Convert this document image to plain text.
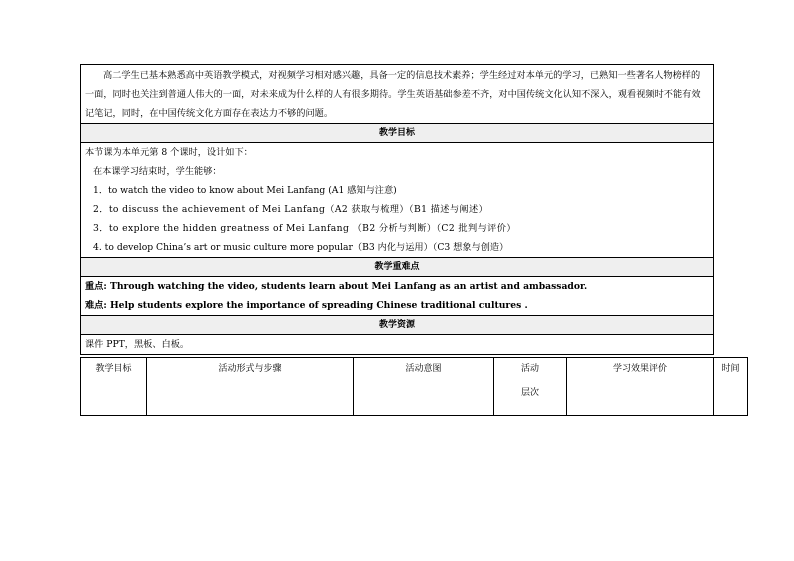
高二学生已基本熟悉高中英语教学模式，对视频学习相对感兴趣，具备一定的信息技术素养；学生经过对本单元的学习，已熟知一些著名人物榜样的一面，同时也关注到普通人伟大的一面，对未来成为什么样的人有很多期待。学生英语基础参差不齐，对中国传统文化认知不深入，观看视频时不能有效记笔记，同时，在中国传统文化方面存在表达力不够的问题。
教学目标

本节课为本单元第 8 个课时，设计如下：
在本课学习结束时，学生能够：
1．to watch the video to know about Mei Lanfang (A1 感知与注意)
2．to discuss the achievement of Mei Lanfang（A2 获取与梳理）（B1 描述与阐述）
3．to explore the hidden greatness of Mei Lanfang （B2 分析与判断）（C2 批判与评价）
4. to develop China’s art or music culture more popular（B3 内化与运用）（C3 想象与创造）

教学重难点

重点: Through watching the video, students learn about Mei Lanfang as an artist and ambassador.
难点: Help students explore the importance of spreading Chinese traditional cultures .

教学资源
课件 PPT，黑板、白板。
教学目标	活动形式与步骤	活动意图	活动
层次
	学习效果评价	时间
